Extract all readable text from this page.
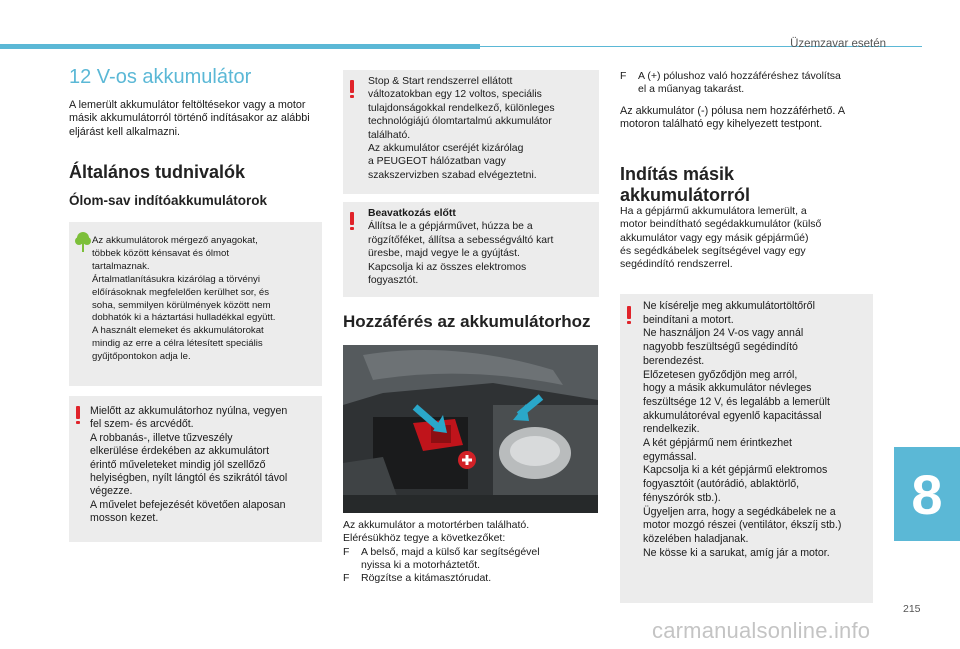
Üzemzavar esetén
12 V-os akkumulátor

A lemerült akkumulátor feltöltésekor vagy a motor másik akkumulátorról történő indításakor az alábbi eljárást kell alkalmazni.

Általános tudnivalók
Ólom-sav indítóakkumulátorok
Az akkumulátorok mérgező anyagokat,
többek között kénsavat és ólmot
tartalmaznak.
Ártalmatlanításukra kizárólag a törvényi
előírásoknak megfelelően kerülhet sor, és
soha, semmilyen körülmények között nem
dobhatók ki a háztartási hulladékkal együtt.
A használt elemeket és akkumulátorokat
mindig az erre a célra létesített speciális
gyűjtőpontokon adja le.
Mielőtt az akkumulátorhoz nyúlna, vegyen
fel szem- és arcvédőt.
A robbanás-, illetve tűzveszély
elkerülése érdekében az akkumulátort
érintő műveleteket mindig jól szellőző
helyiségben, nyílt lángtól és szikrától távol
végezze.
A művelet befejezését követően alaposan
mosson kezet.
Stop & Start rendszerrel ellátott
változatokban egy 12 voltos, speciális
tulajdonságokkal rendelkező, különleges
technológiájú ólomtartalmú akkumulátor
található.
Az akkumulátor cseréjét kizárólag
a PEUGEOT hálózatban vagy
szakszervizben szabad elvégeztetni.
Beavatkozás előtt
Állítsa le a gépjárművet, húzza be a
rögzítőféket, állítsa a sebességváltó kart
üresbe, majd vegye le a gyújtást.
Kapcsolja ki az összes elektromos
fogyasztót.
Hozzáférés az akkumulátorhoz
Az akkumulátor a motortérben található.
Elérésükhöz tegye a következőket:
F A belső, majd a külső kar segítségével
nyissa ki a motorháztetőt.
F Rögzítse a kitámasztórudat.
F A (+) pólushoz való hozzáféréshez távolítsa
el a műanyag takarást.

Az akkumulátor (-) pólusa nem hozzáférhető. A motoron található egy kihelyezett testpont.

Indítás másik
akkumulátorról
Ha a gépjármű akkumulátora lemerült, a
motor beindítható segédakkumulátor (külső
akkumulátor vagy egy másik gépjárműé)
és segédkábelek segítségével vagy egy
segédindító rendszerrel.
Ne kísérelje meg akkumulátortöltőről
beindítani a motort.
Ne használjon 24 V-os vagy annál
nagyobb feszültségű segédindító
berendezést.
Előzetesen győződjön meg arról,
hogy a másik akkumulátor névleges
feszültsége 12 V, és legalább a lemerült
akkumulátoréval egyenlő kapacitással
rendelkezik.
A két gépjármű nem érintkezhet
egymással.
Kapcsolja ki a két gépjármű elektromos
fogyasztóit (autórádió, ablaktörlő,
fényszórók stb.).
Ügyeljen arra, hogy a segédkábelek ne a
motor mozgó részei (ventilátor, ékszíj stb.)
közelében haladjanak.
Ne kösse ki a sarukat, amíg jár a motor.
8
215
carmanualsonline.info
